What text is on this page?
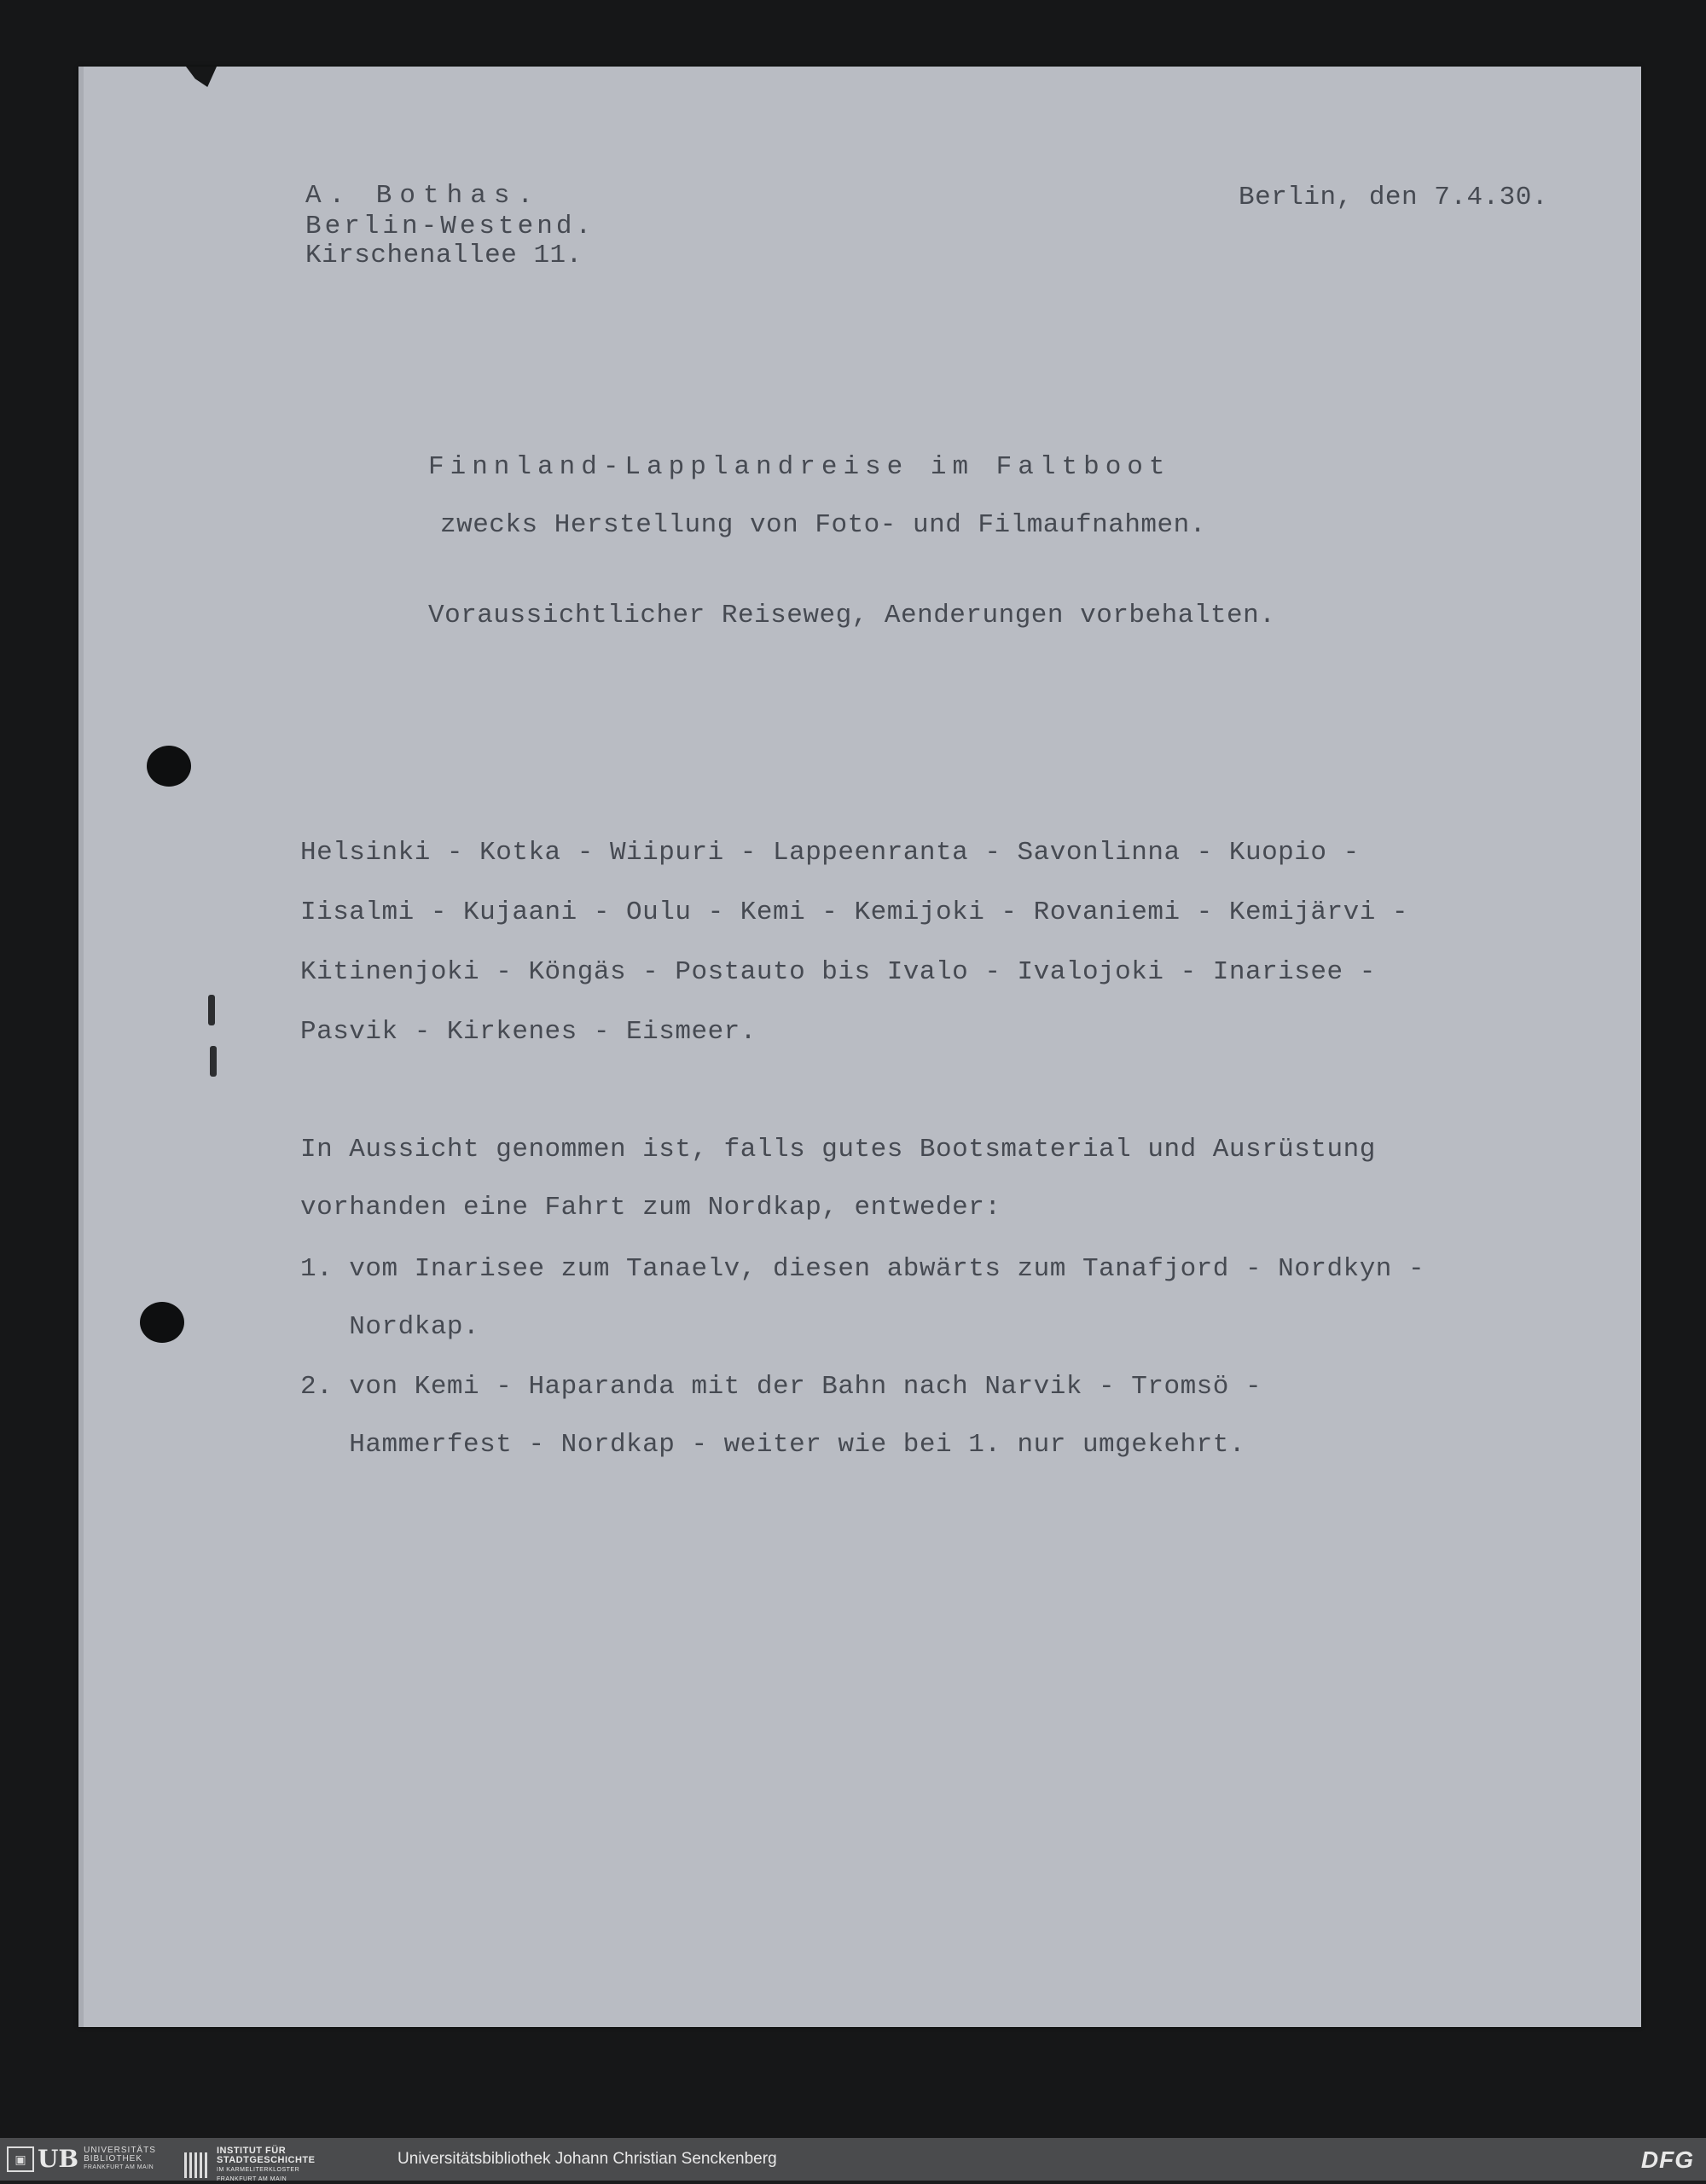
A. Bothas.
Berlin-Westend.
Kirschenallee 11.
Berlin, den 7.4.30.
Finnland-Lapplandreise im Faltboot
zwecks Herstellung von Foto- und Filmaufnahmen.
Voraussichtlicher Reiseweg, Aenderungen vorbehalten.
Helsinki - Kotka - Wiipuri - Lappeenranta - Savonlinna - Kuopio -
Iisalmi - Kujaani - Oulu - Kemi - Kemijoki - Rovaniemi - Kemijärvi -
Kitinenjoki - Köngäs - Postauto bis Ivalo - Ivalojoki - Inarisee -
Pasvik - Kirkenes - Eismeer.
In Aussicht genommen ist, falls gutes Bootsmaterial und Ausrüstung
vorhanden eine Fahrt zum Nordkap, entweder:
1. vom Inarisee zum Tanaelv, diesen abwärts zum Tanafjord - Nordkyn -
Nordkap.
2. von Kemi - Haparanda mit der Bahn nach Narvik - Tromsö -
Hammerfest - Nordkap - weiter wie bei 1. nur umgekehrt.
▣ UB UNIVERSITÄTS
BIBLIOTHEK
FRANKFURT AM MAIN
INSTITUT FÜR
STADTGESCHICHTE
IM KARMELITERKLOSTER
FRANKFURT AM MAIN
Universitätsbibliothek Johann Christian Senckenberg	DFG
